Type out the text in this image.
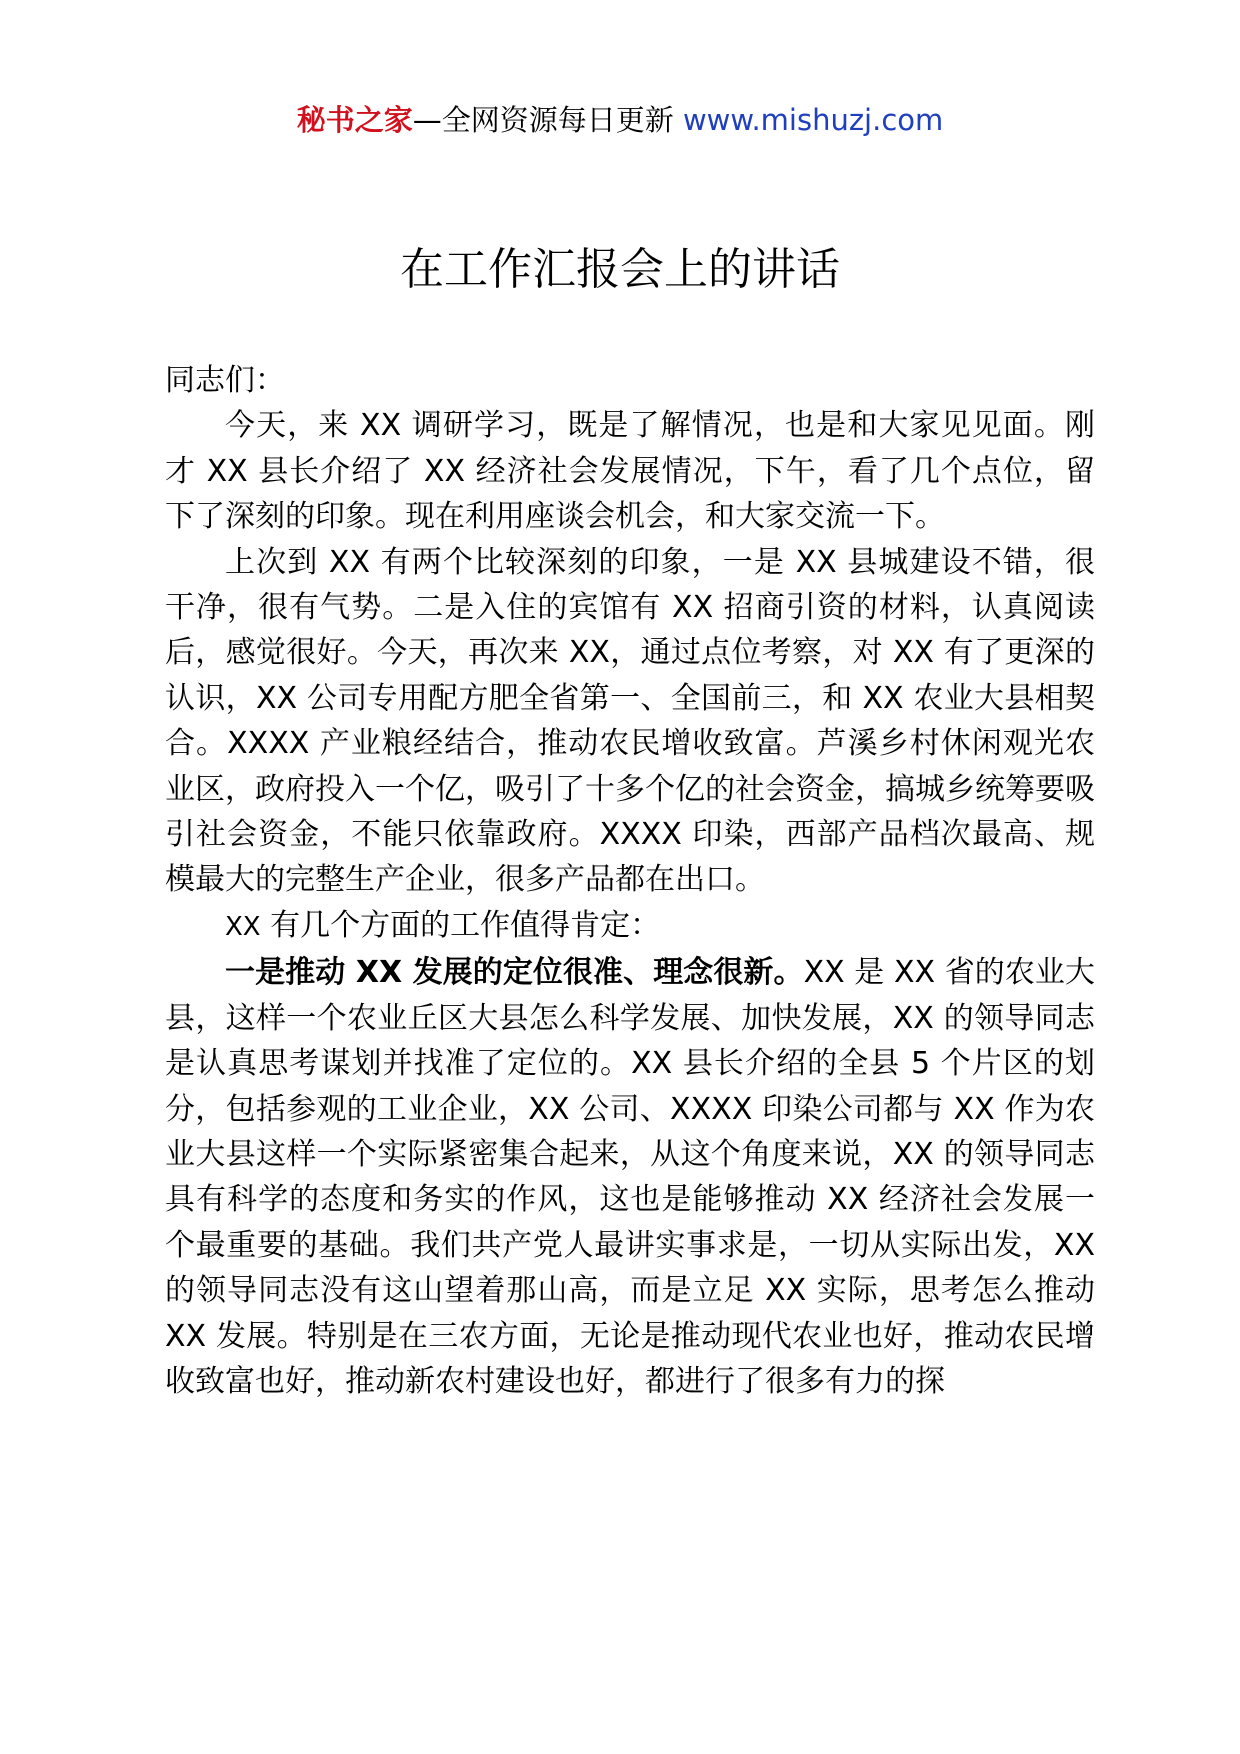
秘书之家—全网资源每日更新 www.mishuzj.com
在工作汇报会上的讲话

同志们：

今天，来 XX 调研学习，既是了解情况，也是和大家见见面。刚才 XX 县长介绍了 XX 经济社会发展情况，下午，看了几个点位，留下了深刻的印象。现在利用座谈会机会，和大家交流一下。

上次到 XX 有两个比较深刻的印象，一是 XX 县城建设不错，很干净，很有气势。二是入住的宾馆有 XX 招商引资的材料，认真阅读后，感觉很好。今天，再次来 XX，通过点位考察，对 XX 有了更深的认识，XX 公司专用配方肥全省第一、全国前三，和 XX 农业大县相契合。XXXX 产业粮经结合，推动农民增收致富。芦溪乡村休闲观光农业区，政府投入一个亿，吸引了十多个亿的社会资金，搞城乡统筹要吸引社会资金，不能只依靠政府。XXXX 印染，西部产品档次最高、规模最大的完整生产企业，很多产品都在出口。

XX 有几个方面的工作值得肯定：

一是推动 XX 发展的定位很准、理念很新。XX 是 XX 省的农业大县，这样一个农业丘区大县怎么科学发展、加快发展，XX 的领导同志是认真思考谋划并找准了定位的。XX 县长介绍的全县 5 个片区的划分，包括参观的工业企业，XX 公司、XXXX 印染公司都与 XX 作为农业大县这样一个实际紧密集合起来，从这个角度来说，XX 的领导同志具有科学的态度和务实的作风，这也是能够推动 XX 经济社会发展一个最重要的基础。我们共产党人最讲实事求是，一切从实际出发，XX 的领导同志没有这山望着那山高，而是立足 XX 实际，思考怎么推动 XX 发展。特别是在三农方面，无论是推动现代农业也好，推动农民增收致富也好，推动新农村建设也好，都进行了很多有力的探
